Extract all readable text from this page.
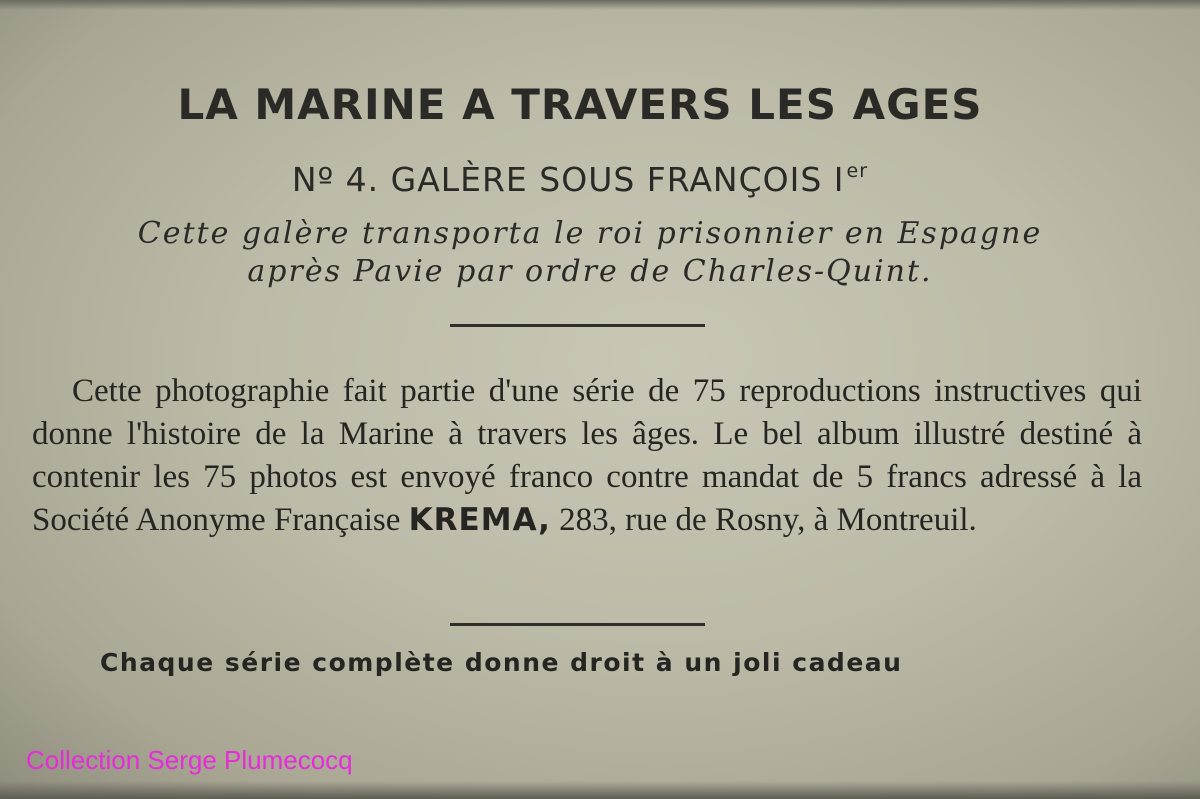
LA MARINE A TRAVERS LES AGES
Nº 4. GALÈRE SOUS FRANÇOIS I $^{er}$
Cette galère transporta le roi prisonnier en Espagne
après Pavie par ordre de Charles-Quint.
Cette photographie fait partie d'une série de 75 reproductions instructives qui donne l'histoire de la Marine à travers les âges. Le bel album illustré destiné à contenir les 75 photos est envoyé franco contre mandat de 5 francs adressé à la Société Anonyme Française KREMA, 283, rue de Rosny, à Montreuil.
Chaque série complète donne droit à un joli cadeau
Collection Serge Plumecocq
